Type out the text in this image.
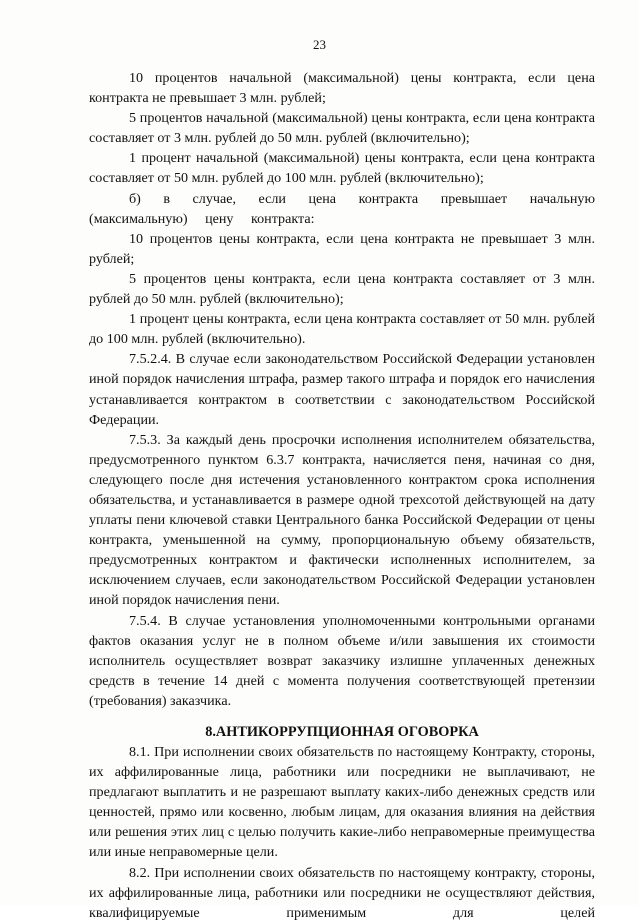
23

10 процентов начальной (максимальной) цены контракта, если цена контракта не превышает 3 млн. рублей;

5 процентов начальной (максимальной) цены контракта, если цена контракта составляет от 3 млн. рублей до 50 млн. рублей (включительно);

1 процент начальной (максимальной) цены контракта, если цена контракта составляет от 50 млн. рублей до 100 млн. рублей (включительно);

б) в случае, если цена контракта превышает начальную (максимальную) цену контракта:

10 процентов цены контракта, если цена контракта не превышает 3 млн. рублей;

5 процентов цены контракта, если цена контракта составляет от 3 млн. рублей до 50 млн. рублей (включительно);

1 процент цены контракта, если цена контракта составляет от 50 млн. рублей до 100 млн. рублей (включительно).

7.5.2.4. В случае если законодательством Российской Федерации установлен иной порядок начисления штрафа, размер такого штрафа и порядок его начисления устанавливается контрактом в соответствии с законодательством Российской Федерации.

7.5.3. За каждый день просрочки исполнения исполнителем обязательства, предусмотренного пунктом 6.3.7 контракта, начисляется пеня, начиная со дня, следующего после дня истечения установленного контрактом срока исполнения обязательства, и устанавливается в размере одной трехсотой действующей на дату уплаты пени ключевой ставки Центрального банка Российской Федерации от цены контракта, уменьшенной на сумму, пропорциональную объему обязательств, предусмотренных контрактом и фактически исполненных исполнителем, за исключением случаев, если законодательством Российской Федерации установлен иной порядок начисления пени.

7.5.4. В случае установления уполномоченными контрольными органами фактов оказания услуг не в полном объеме и/или завышения их стоимости исполнитель осуществляет возврат заказчику излишне уплаченных денежных средств в течение 14 дней с момента получения соответствующей претензии (требования) заказчика.

8.АНТИКОРРУПЦИОННАЯ ОГОВОРКА

8.1. При исполнении своих обязательств по настоящему Контракту, стороны, их аффилированные лица, работники или посредники не выплачивают, не предлагают выплатить и не разрешают выплату каких-либо денежных средств или ценностей, прямо или косвенно, любым лицам, для оказания влияния на действия или решения этих лиц с целью получить какие-либо неправомерные преимущества или иные неправомерные цели.

8.2. При исполнении своих обязательств по настоящему контракту, стороны, их аффилированные лица, работники или посредники не осуществляют действия, квалифицируемые применимым для целей
